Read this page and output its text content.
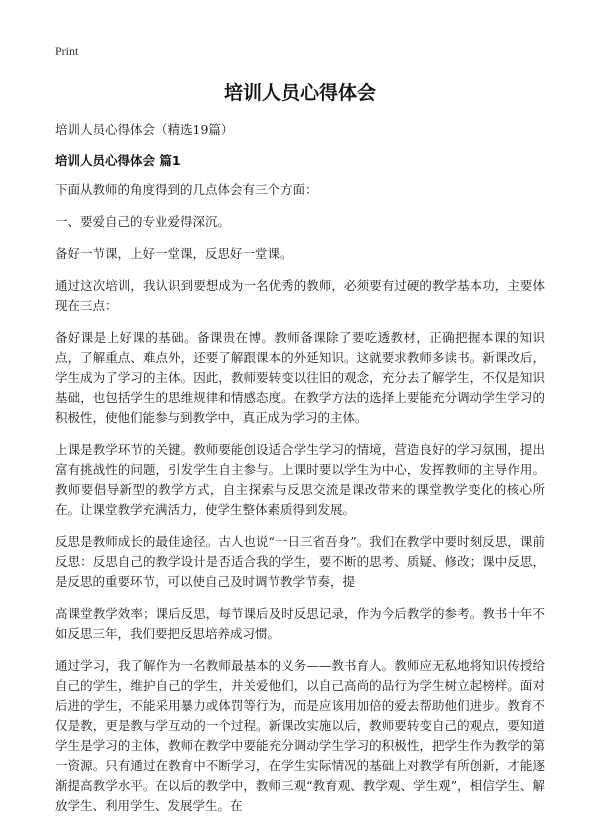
Print
培训人员心得体会
培训人员心得体会（精选19篇）
培训人员心得体会 篇1

下面从教师的角度得到的几点体会有三个方面：

一、要爱自己的专业爱得深沉。

备好一节课，上好一堂课，反思好一堂课。

通过这次培训，我认识到要想成为一名优秀的教师，必须要有过硬的教学基本功，主要体现在三点：

备好课是上好课的基础。备课贵在博。教师备课除了要吃透教材，正确把握本课的知识点，了解重点、难点外，还要了解跟课本的外延知识。这就要求教师多读书。新课改后，学生成为了学习的主体。因此，教师要转变以往旧的观念，充分去了解学生，不仅是知识基础，也包括学生的思维规律和情感态度。在教学方法的选择上要能充分调动学生学习的积极性，使他们能参与到教学中，真正成为学习的主体。

上课是教学环节的关键。教师要能创设适合学生学习的情境，营造良好的学习氛围，提出富有挑战性的问题，引发学生自主参与。上课时要以学生为中心，发挥教师的主导作用。教师要倡导新型的教学方式，自主探索与反思交流是课改带来的课堂教学变化的核心所在。让课堂教学充满活力，使学生整体素质得到发展。

反思是教师成长的最佳途径。古人也说“一日三省吾身”。我们在教学中要时刻反思，课前反思：反思自己的教学设计是否适合我的学生，要不断的思考、质疑、修改；课中反思，是反思的重要环节，可以使自己及时调节教学节奏，提

高课堂教学效率；课后反思，每节课后及时反思记录，作为今后教学的参考。教书十年不如反思三年，我们要把反思培养成习惯。

通过学习，我了解作为一名教师最基本的义务——教书育人。教师应无私地将知识传授给自己的学生，维护自己的学生，并关爱他们，以自己高尚的品行为学生树立起榜样。面对后进的学生，不能采用暴力或体罚等行为，而是应该用加倍的爱去帮助他们进步。教育不仅是教，更是教与学互动的一个过程。新课改实施以后，教师要转变自己的观点，要知道学生是学习的主体，教师在教学中要能充分调动学生学习的积极性，把学生作为教学的第一资源。只有通过在教育中不断学习，在学生实际情况的基础上对教学有所创新，才能逐渐提高教学水平。在以后的教学中，教师三观“教育观、教学观、学生观”，相信学生、解放学生、利用学生、发展学生。在
